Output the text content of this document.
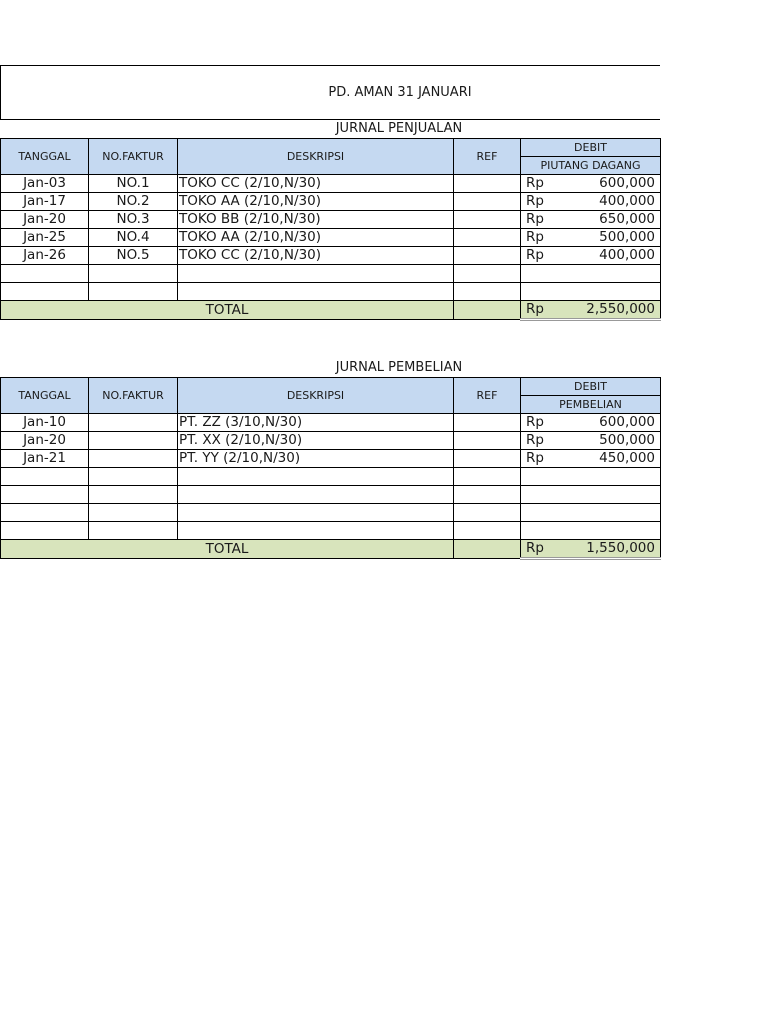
PD. AMAN 31 JANUARI
JURNAL PENJUALAN
TANGGAL	NO.FAKTUR	DESKRIPSI	REF	DEBIT
				PIUTANG DAGANG
Jan-03	NO.1	TOKO CC (2/10,N/30)		Rp 600,000

Jan-17	NO.2	TOKO AA (2/10,N/30)		Rp 400,000

Jan-20	NO.3	TOKO BB (2/10,N/30)		Rp 650,000

Jan-25	NO.4	TOKO AA (2/10,N/30)		Rp 500,000

Jan-26	NO.5	TOKO CC (2/10,N/30)		Rp 400,000

TOTAL				Rp 2,550,000
JURNAL PEMBELIAN
TANGGAL	NO.FAKTUR	DESKRIPSI	REF	DEBIT
				PEMBELIAN
Jan-10		PT. ZZ (3/10,N/30)		Rp 600,000

Jan-20		PT. XX (2/10,N/30)		Rp 500,000

Jan-21		PT. YY (2/10,N/30)		Rp 450,000

TOTAL				Rp 1,550,000
